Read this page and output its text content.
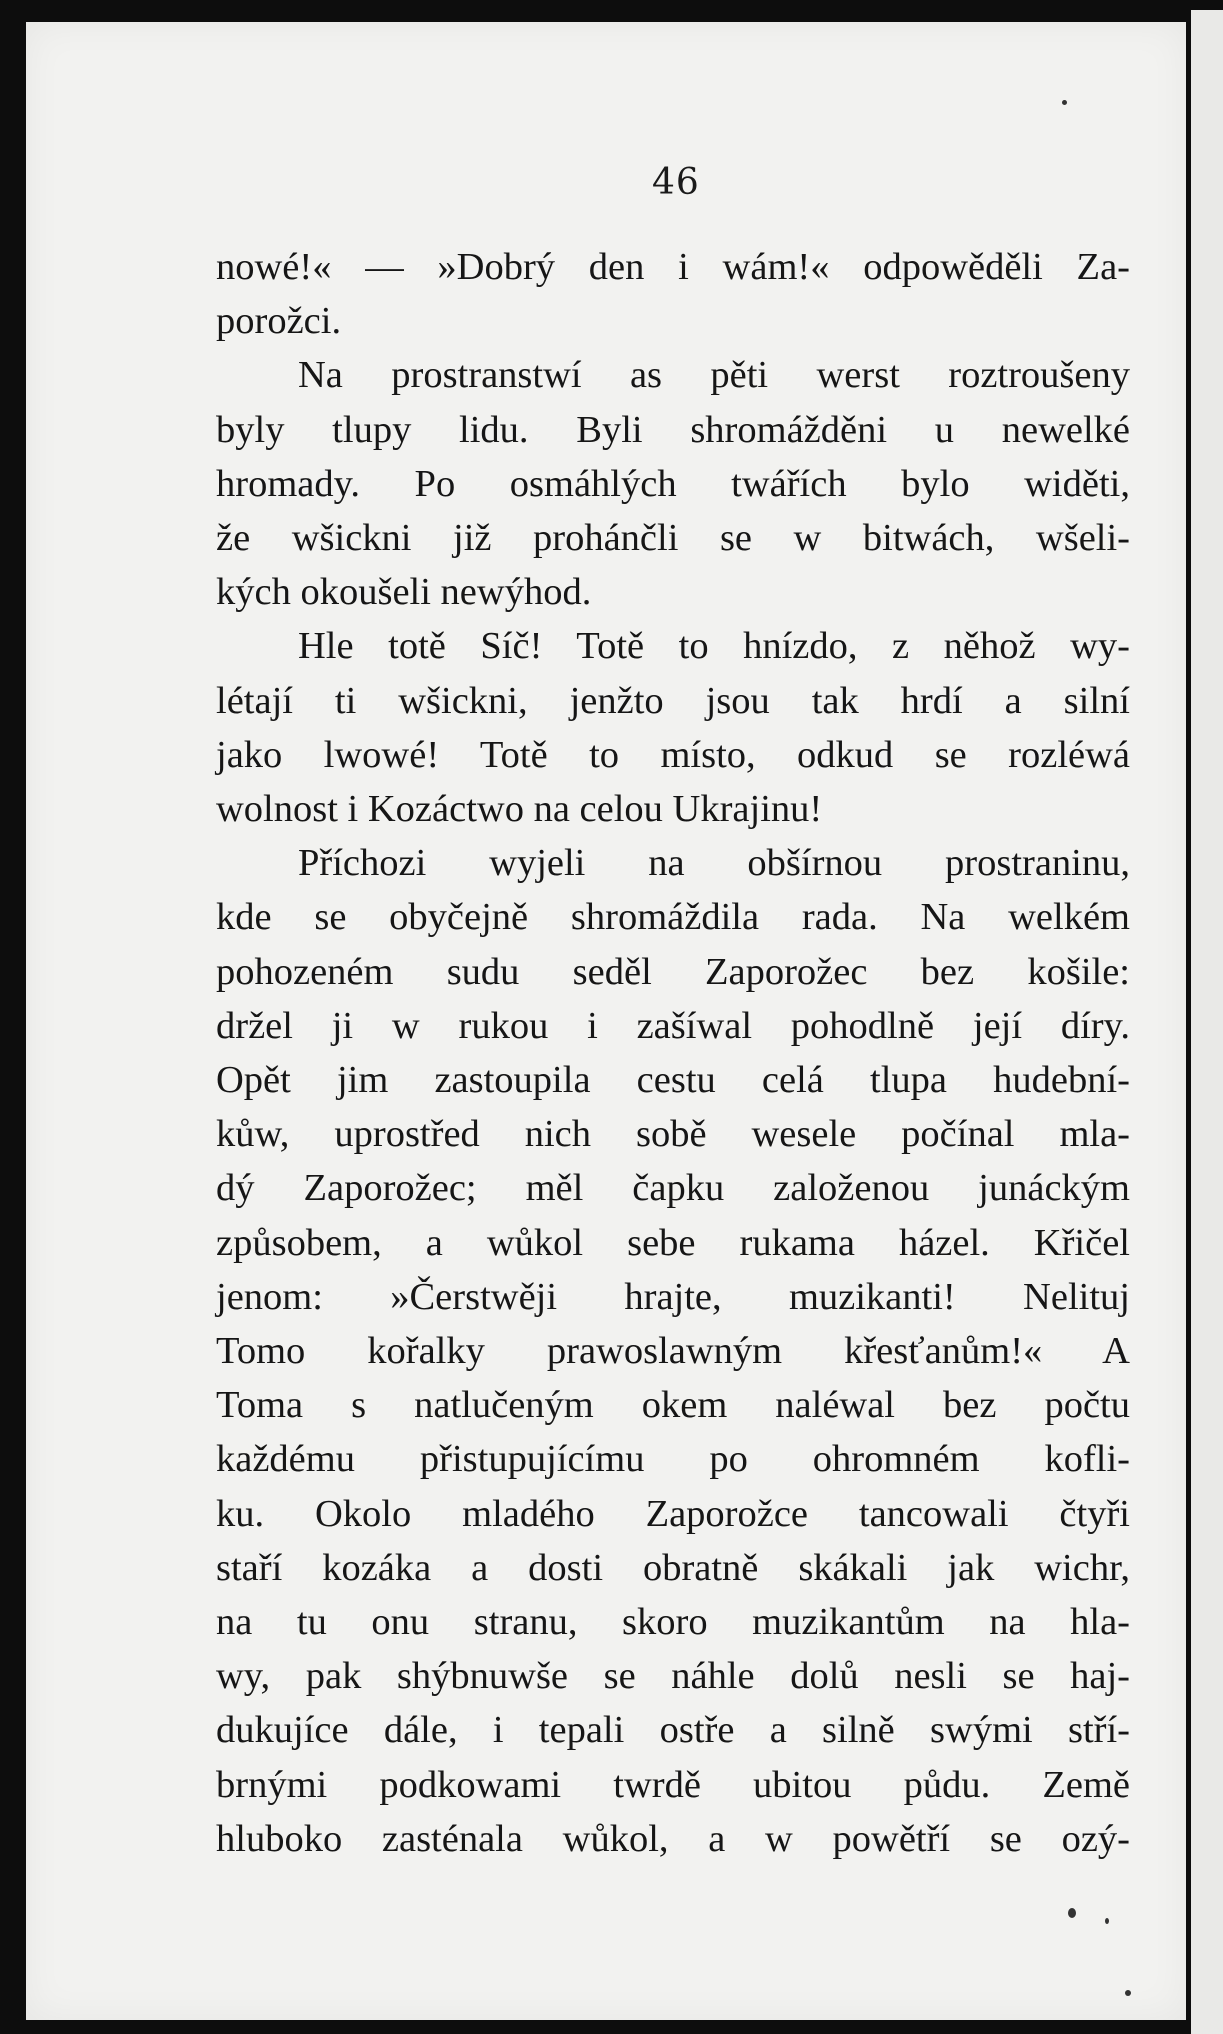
46
nowé!« — »Dobrý den i wám!« odpowěděli Za-
porožci.
Na prostranstwí as pěti werst roztroušeny
byly tlupy lidu. Byli shromážděni u newelké
hromady. Po osmáhlých twářích bylo widěti,
že wšickni již prohánčli se w bitwách, wšeli-
kých okoušeli newýhod.
Hle totě Síč! Totě to hnízdo, z něhož wy-
létají ti wšickni, jenžto jsou tak hrdí a silní
jako lwowé! Totě to místo, odkud se rozléwá
wolnost i Kozáctwo na celou Ukrajinu!
Příchozi wyjeli na obšírnou prostraninu,
kde se obyčejně shromáždila rada. Na welkém
pohozeném sudu seděl Zaporožec bez košile:
držel ji w rukou i zašíwal pohodlně její díry.
Opět jim zastoupila cestu celá tlupa hudební-
kůw, uprostřed nich sobě wesele počínal mla-
dý Zaporožec; měl čapku založenou junáckým
způsobem, a wůkol sebe rukama házel. Křičel
jenom: »Čerstwěji hrajte, muzikanti! Nelituj
Tomo kořalky prawoslawným křesťanům!« A
Toma s natlučeným okem naléwal bez počtu
každému přistupujícímu po ohromném kofli-
ku. Okolo mladého Zaporožce tancowali čtyři
staří kozáka a dosti obratně skákali jak wichr,
na tu onu stranu, skoro muzikantům na hla-
wy, pak shýbnuwše se náhle dolů nesli se haj-
dukujíce dále, i tepali ostře a silně swými stří-
brnými podkowami twrdě ubitou půdu. Země
hluboko zasténala wůkol, a w powětří se ozý-
